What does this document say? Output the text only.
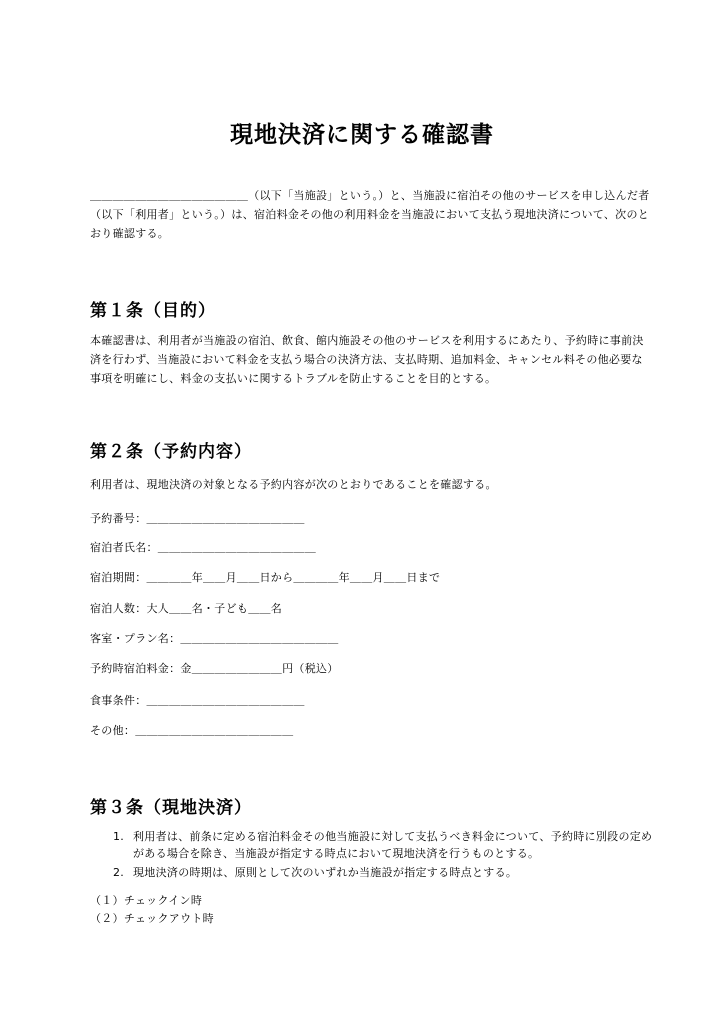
現地決済に関する確認書

＿＿＿＿＿＿＿＿＿＿＿＿＿＿（以下「当施設」という。）と、当施設に宿泊その他のサービスを申し込んだ者（以下「利用者」という。）は、宿泊料金その他の利用料金を当施設において支払う現地決済について、次のとおり確認する。

第１条（目的）

本確認書は、利用者が当施設の宿泊、飲食、館内施設その他のサービスを利用するにあたり、予約時に事前決済を行わず、当施設において料金を支払う場合の決済方法、支払時期、追加料金、キャンセル料その他必要な事項を明確にし、料金の支払いに関するトラブルを防止することを目的とする。

第２条（予約内容）

利用者は、現地決済の対象となる予約内容が次のとおりであることを確認する。

予約番号：＿＿＿＿＿＿＿＿＿＿＿＿＿＿

宿泊者氏名：＿＿＿＿＿＿＿＿＿＿＿＿＿＿

宿泊期間：＿＿＿＿年＿＿月＿＿日から＿＿＿＿年＿＿月＿＿日まで

宿泊人数：大人＿＿名・子ども＿＿名

客室・プラン名：＿＿＿＿＿＿＿＿＿＿＿＿＿＿

予約時宿泊料金：金＿＿＿＿＿＿＿＿円（税込）

食事条件：＿＿＿＿＿＿＿＿＿＿＿＿＿＿

その他：＿＿＿＿＿＿＿＿＿＿＿＿＿＿

第３条（現地決済）
1. 利用者は、前条に定める宿泊料金その他当施設に対して支払うべき料金について、予約時に別段の定めがある場合を除き、当施設が指定する時点において現地決済を行うものとする。
2. 現地決済の時期は、原則として次のいずれか当施設が指定する時点とする。

（１）チェックイン時

（２）チェックアウト時
